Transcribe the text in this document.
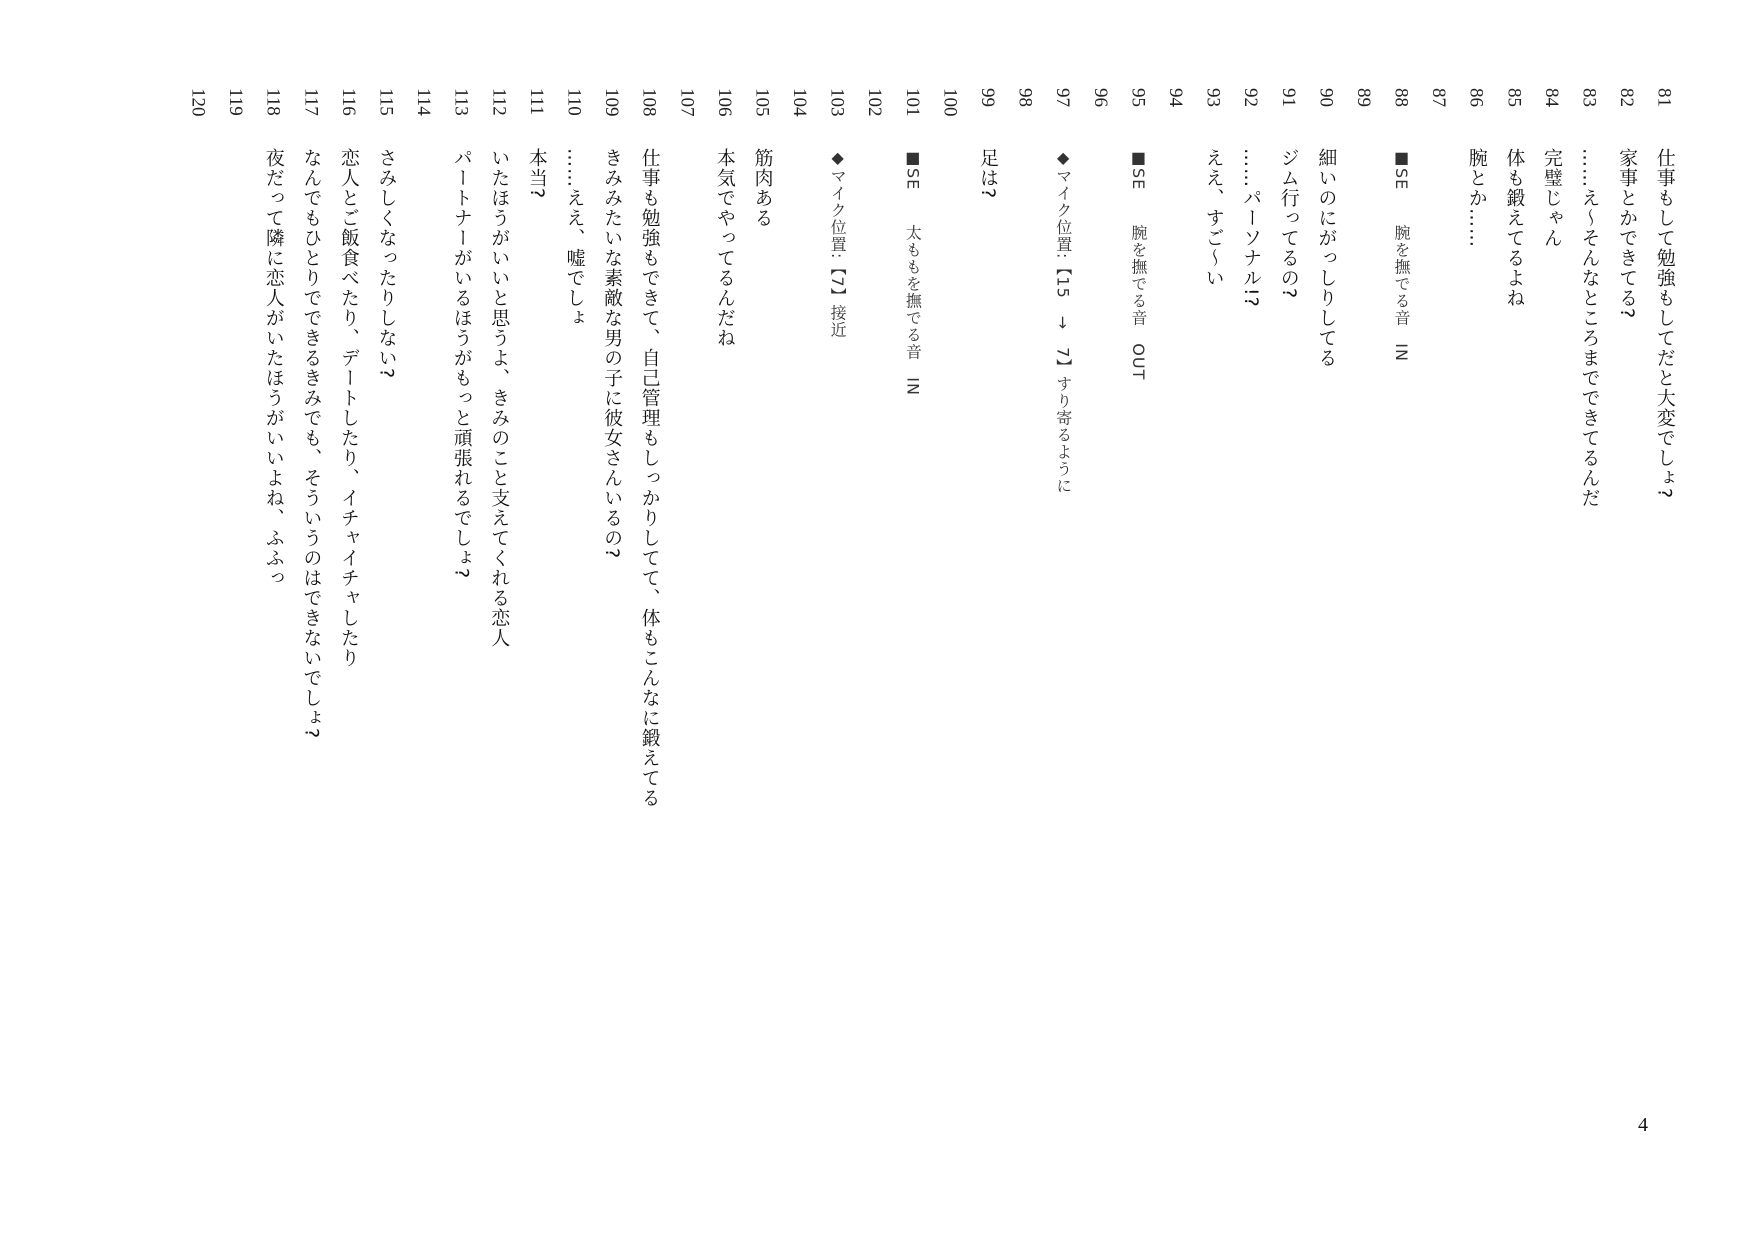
81
仕事もして勉強もしてだと大変でしょ?
82
家事とかできてる?
83
……え〜そんなところまでできてるんだ
84
完璧じゃん
85
体も鍛えてるよね
86
腕とか……
87
88
■SE　　腕を撫でる音　IN
89
90
細いのにがっしりしてる
91
ジム行ってるの?
92
……パーソナル!?
93
ええ、すご〜い
94
95
■SE　　腕を撫でる音　OUT
96
97
◆マイク位置:【15　→　7】すり寄るように
98
99
足は?
100
101
■SE　　太ももを撫でる音　IN
102
103
◆マイク位置:【7】接近
104
105
筋肉ある
106
本気でやってるんだね
107
108
仕事も勉強もできて、自己管理もしっかりしてて、体もこんなに鍛えてる
109
きみみたいな素敵な男の子に彼女さんいるの?
110
……ええ、嘘でしょ
111
本当?
112
いたほうがいいと思うよ、きみのこと支えてくれる恋人
113
パートナーがいるほうがもっと頑張れるでしょ?
114
115
さみしくなったりしない?
116
恋人とご飯食べたり、デートしたり、イチャイチャしたり
117
なんでもひとりでできるきみでも、そういうのはできないでしょ?
118
夜だって隣に恋人がいたほうがいいよね、ふふっ
119
120
4
